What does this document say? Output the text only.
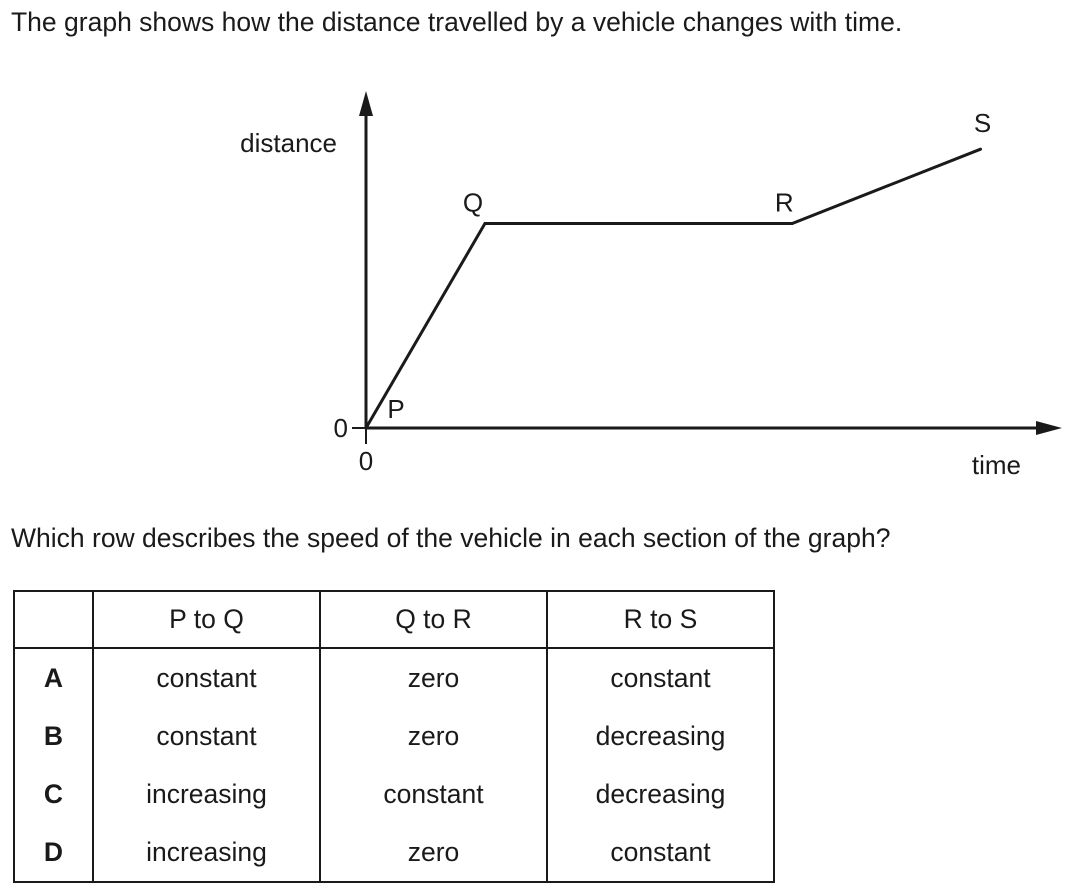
The graph shows how the distance travelled by a vehicle changes with time.

distance
time
0
0
P
Q	R
S

Which row describes the speed of the vehicle in each section of the graph?

	P to Q	Q to R	R to S
A	constant	zero	constant
B	constant	zero	decreasing
C	increasing	constant	decreasing
D	increasing	zero	constant
